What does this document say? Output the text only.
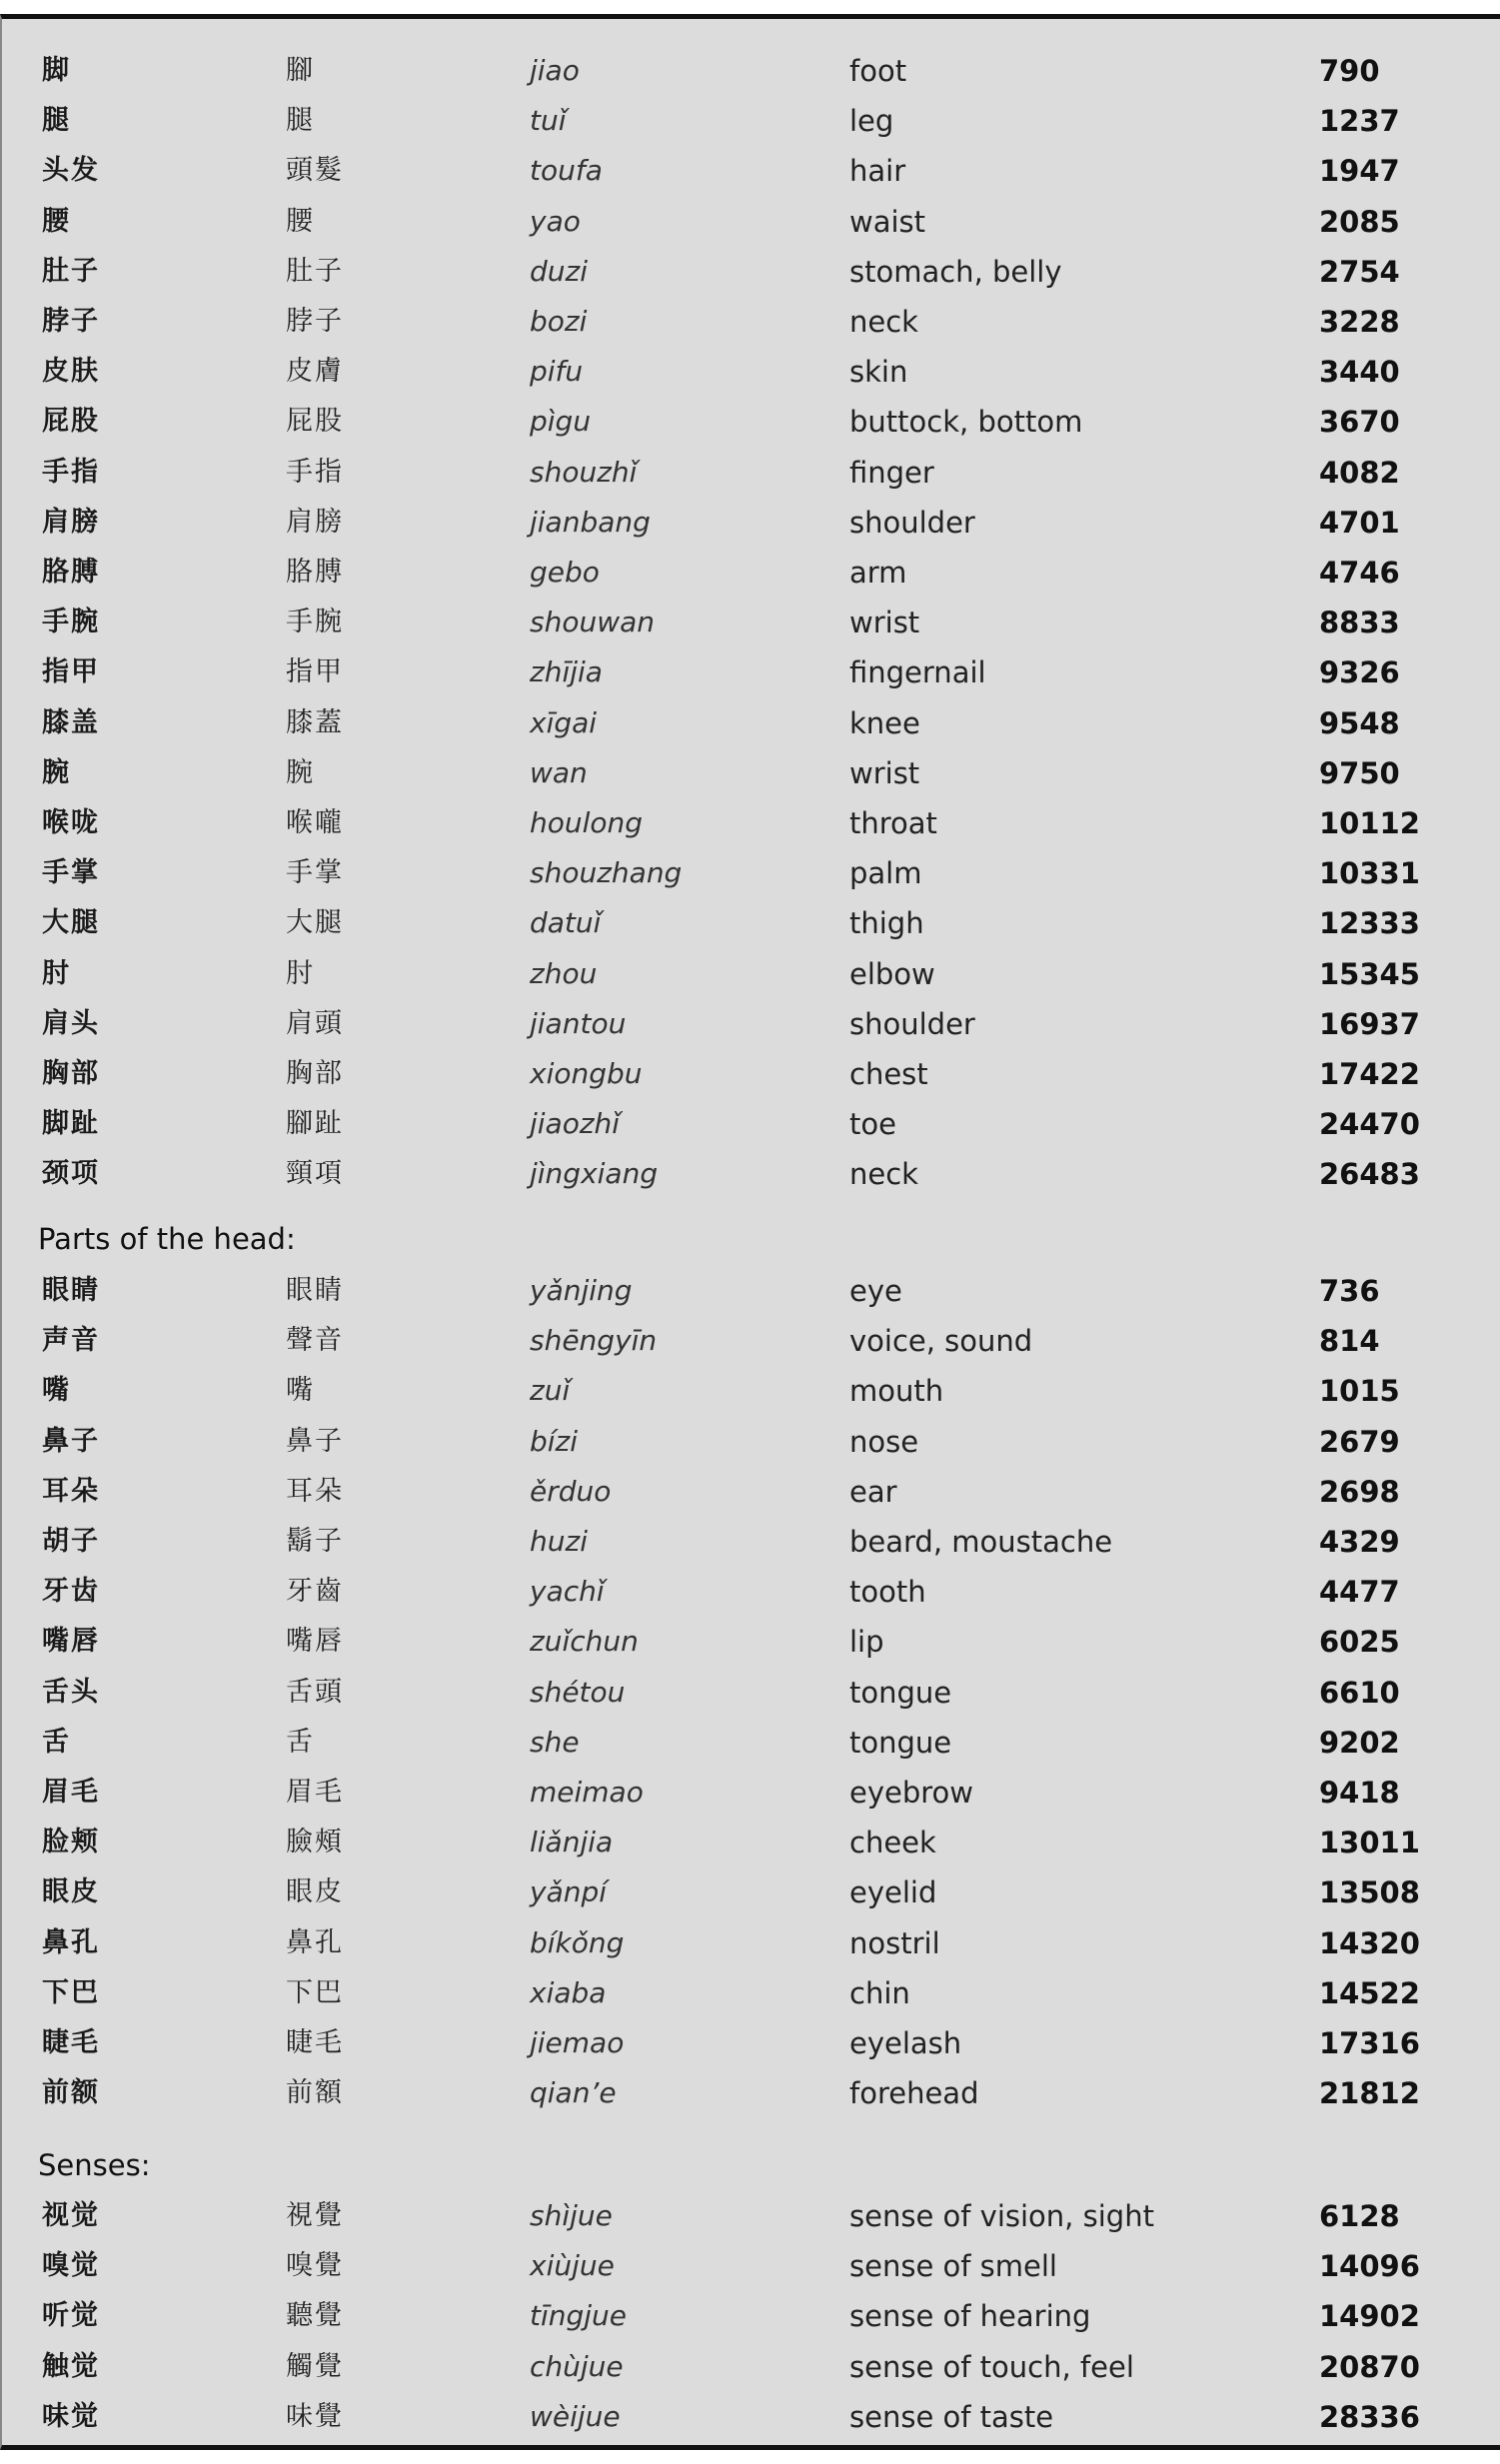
脚	腳	jiao	foot	790
腿	腿	tuǐ	leg	1237
头发	頭髮	toufa	hair	1947
腰	腰	yao	waist	2085
肚子	肚子	duzi	stomach, belly	2754
脖子	脖子	bozi	neck	3228
皮肤	皮膚	pifu	skin	3440
屁股	屁股	pìgu	buttock, bottom	3670
手指	手指	shouzhǐ	finger	4082
肩膀	肩膀	jianbang	shoulder	4701
胳膊	胳膊	gebo	arm	4746
手腕	手腕	shouwan	wrist	8833
指甲	指甲	zhījia	fingernail	9326
膝盖	膝蓋	xīgai	knee	9548
腕	腕	wan	wrist	9750
喉咙	喉嚨	houlong	throat	10112
手掌	手掌	shouzhang	palm	10331
大腿	大腿	datuǐ	thigh	12333
肘	肘	zhou	elbow	15345
肩头	肩頭	jiantou	shoulder	16937
胸部	胸部	xiongbu	chest	17422
脚趾	腳趾	jiaozhǐ	toe	24470
颈项	頸項	jìngxiang	neck	26483
Parts of the head:
眼睛	眼睛	yǎnjing	eye	736
声音	聲音	shēngyīn	voice, sound	814
嘴	嘴	zuǐ	mouth	1015
鼻子	鼻子	bízi	nose	2679
耳朵	耳朵	ěrduo	ear	2698
胡子	鬍子	huzi	beard, moustache	4329
牙齿	牙齒	yachǐ	tooth	4477
嘴唇	嘴唇	zuǐchun	lip	6025
舌头	舌頭	shétou	tongue	6610
舌	舌	she	tongue	9202
眉毛	眉毛	meimao	eyebrow	9418
脸颊	臉頰	liǎnjia	cheek	13011
眼皮	眼皮	yǎnpí	eyelid	13508
鼻孔	鼻孔	bíkǒng	nostril	14320
下巴	下巴	xiaba	chin	14522
睫毛	睫毛	jiemao	eyelash	17316
前额	前額	qian’e	forehead	21812
Senses:
视觉	視覺	shìjue	sense of vision, sight	6128
嗅觉	嗅覺	xiùjue	sense of smell	14096
听觉	聽覺	tīngjue	sense of hearing	14902
触觉	觸覺	chùjue	sense of touch, feel	20870
味觉	味覺	wèijue	sense of taste	28336
